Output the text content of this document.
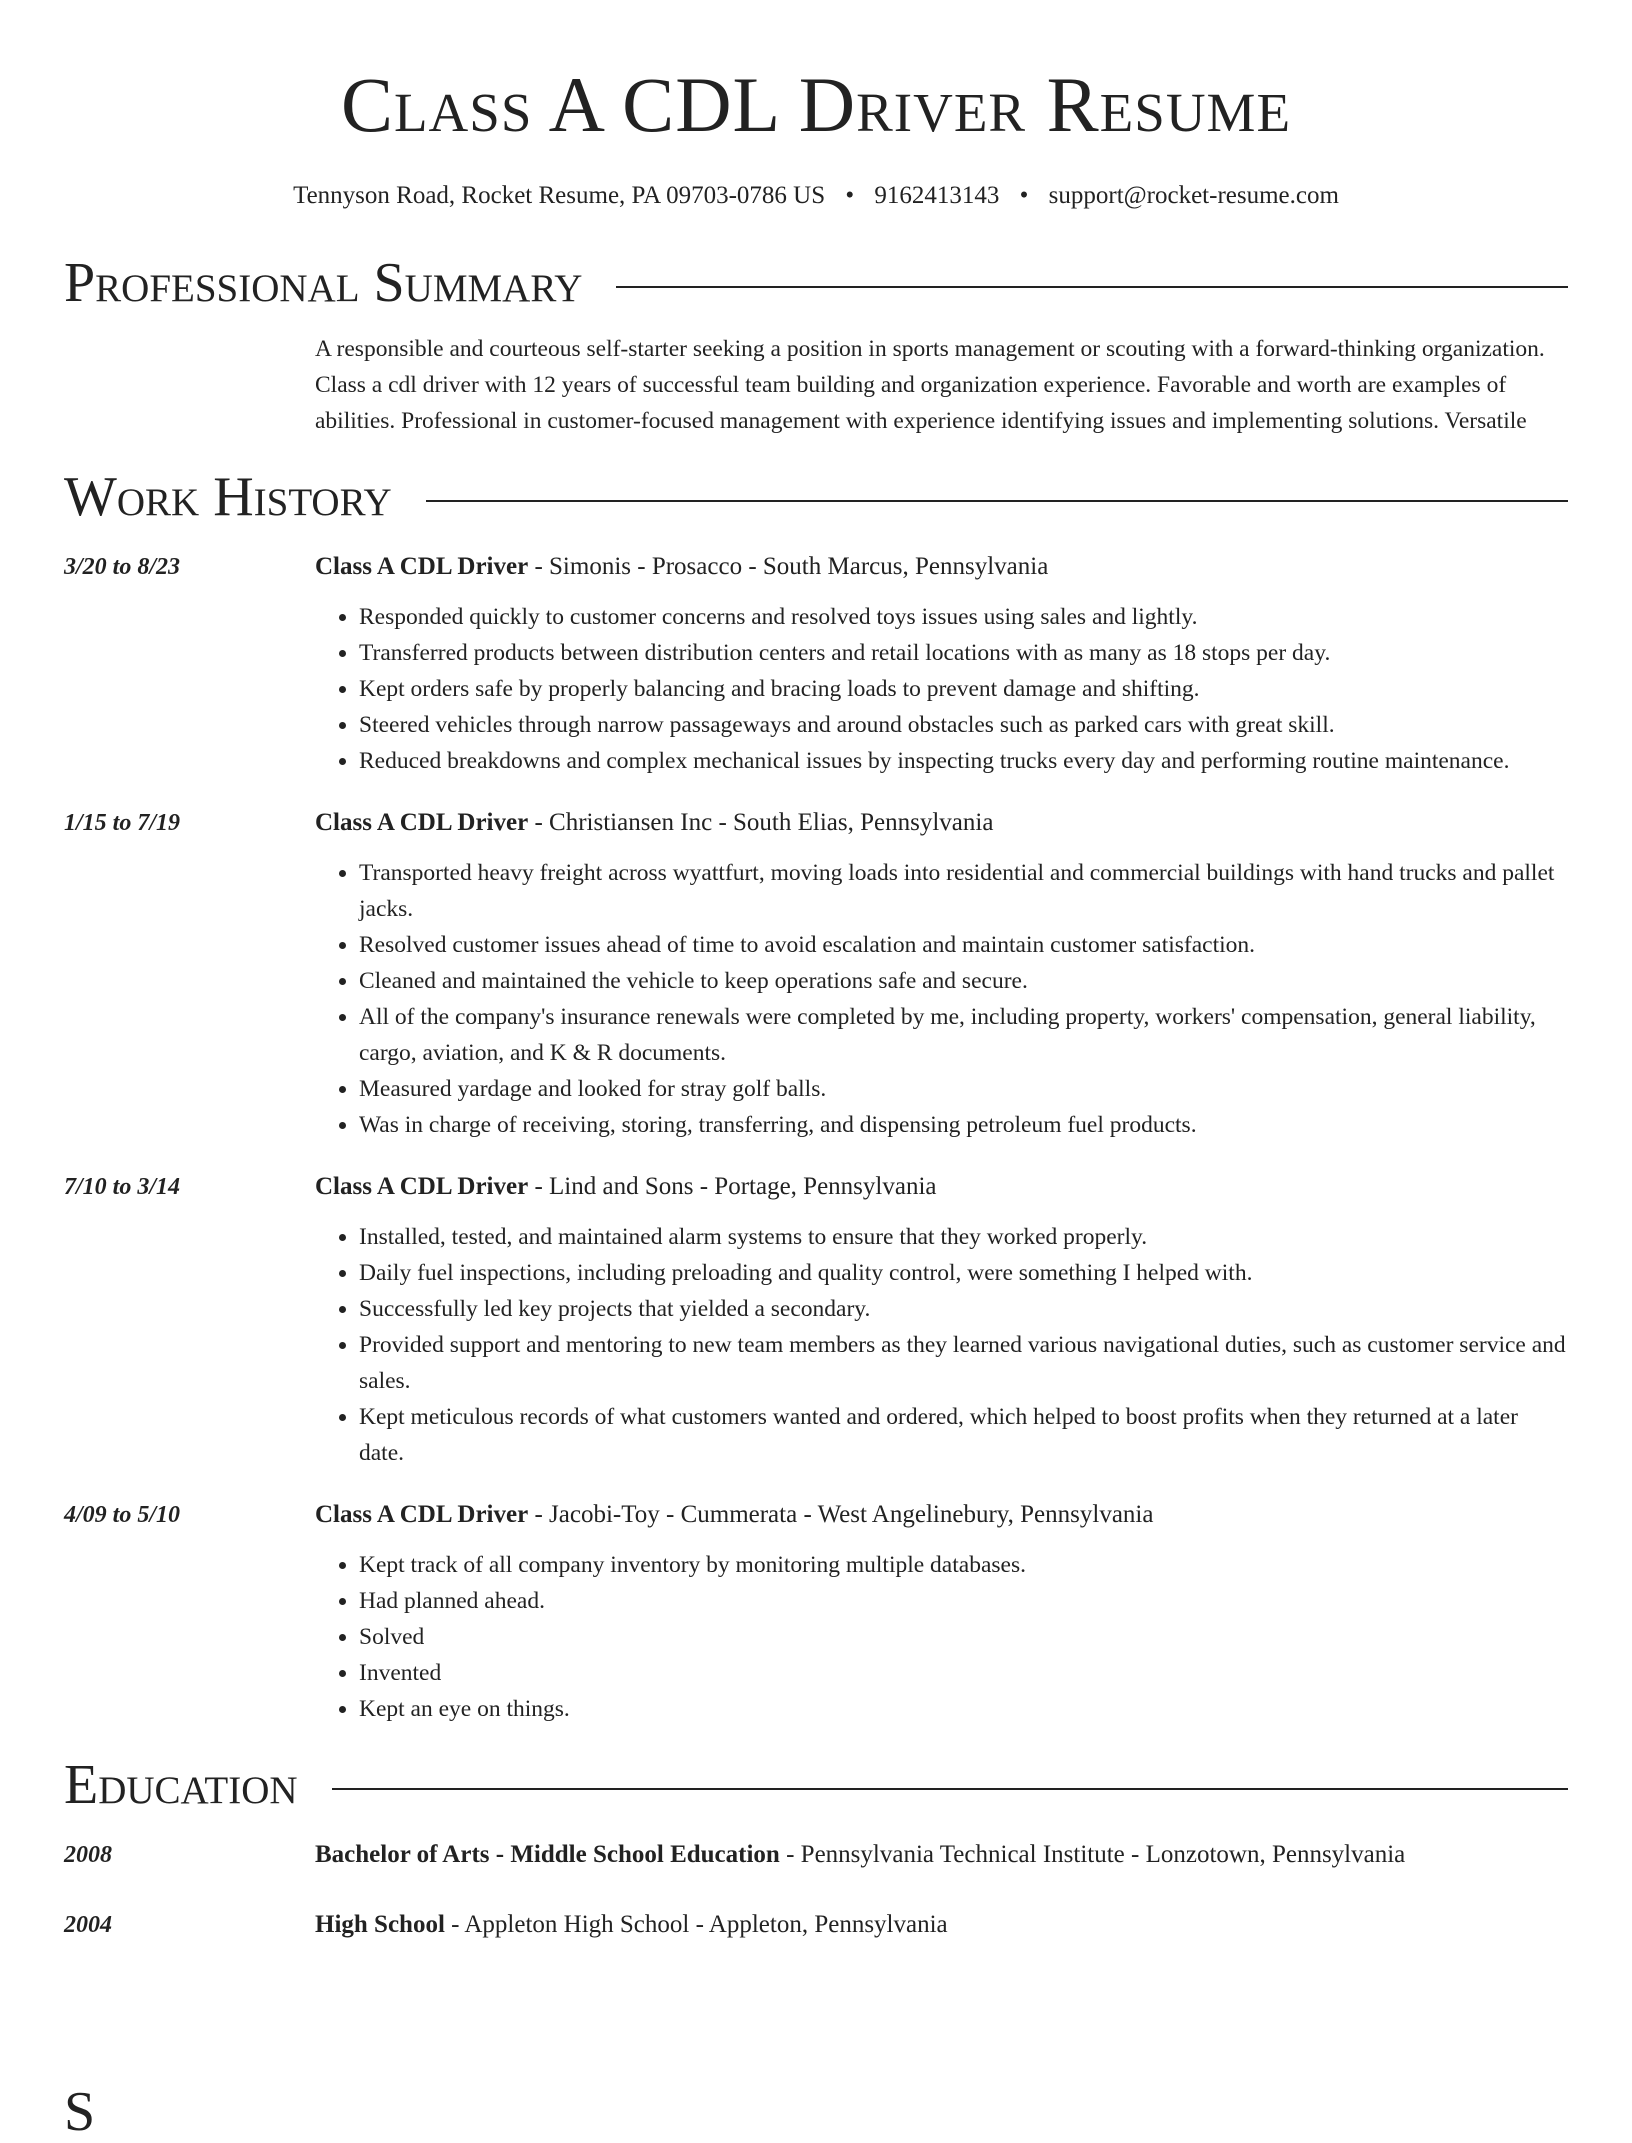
Class A CDL Driver Resume
Tennyson Road, Rocket Resume, PA 09703-0786 US • 9162413143 • support@rocket-resume.com
Professional Summary
A responsible and courteous self-starter seeking a position in sports management or scouting with a forward-thinking organization. Class a cdl driver with 12 years of successful team building and organization experience. Favorable and worth are examples of abilities. Professional in customer-focused management with experience identifying issues and implementing solutions. Versatile
Work History
3/20 to 8/23	Class A CDL Driver - Simonis - Prosacco - South Marcus, Pennsylvania
• Responded quickly to customer concerns and resolved toys issues using sales and lightly.
• Transferred products between distribution centers and retail locations with as many as 18 stops per day.
• Kept orders safe by properly balancing and bracing loads to prevent damage and shifting.
• Steered vehicles through narrow passageways and around obstacles such as parked cars with great skill.
• Reduced breakdowns and complex mechanical issues by inspecting trucks every day and performing routine maintenance.
1/15 to 7/19	Class A CDL Driver - Christiansen Inc - South Elias, Pennsylvania
• Transported heavy freight across wyattfurt, moving loads into residential and commercial buildings with hand trucks and pallet jacks.
• Resolved customer issues ahead of time to avoid escalation and maintain customer satisfaction.
• Cleaned and maintained the vehicle to keep operations safe and secure.
• All of the company's insurance renewals were completed by me, including property, workers' compensation, general liability, cargo, aviation, and K & R documents.
• Measured yardage and looked for stray golf balls.
• Was in charge of receiving, storing, transferring, and dispensing petroleum fuel products.
7/10 to 3/14	Class A CDL Driver - Lind and Sons - Portage, Pennsylvania
• Installed, tested, and maintained alarm systems to ensure that they worked properly.
• Daily fuel inspections, including preloading and quality control, were something I helped with.
• Successfully led key projects that yielded a secondary.
• Provided support and mentoring to new team members as they learned various navigational duties, such as customer service and sales.
• Kept meticulous records of what customers wanted and ordered, which helped to boost profits when they returned at a later date.
4/09 to 5/10	Class A CDL Driver - Jacobi-Toy - Cummerata - West Angelinebury, Pennsylvania
• Kept track of all company inventory by monitoring multiple databases.
• Had planned ahead.
• Solved
• Invented
• Kept an eye on things.
Education
2008	Bachelor of Arts - Middle School Education - Pennsylvania Technical Institute - Lonzotown, Pennsylvania
2004	High School - Appleton High School - Appleton, Pennsylvania
S
